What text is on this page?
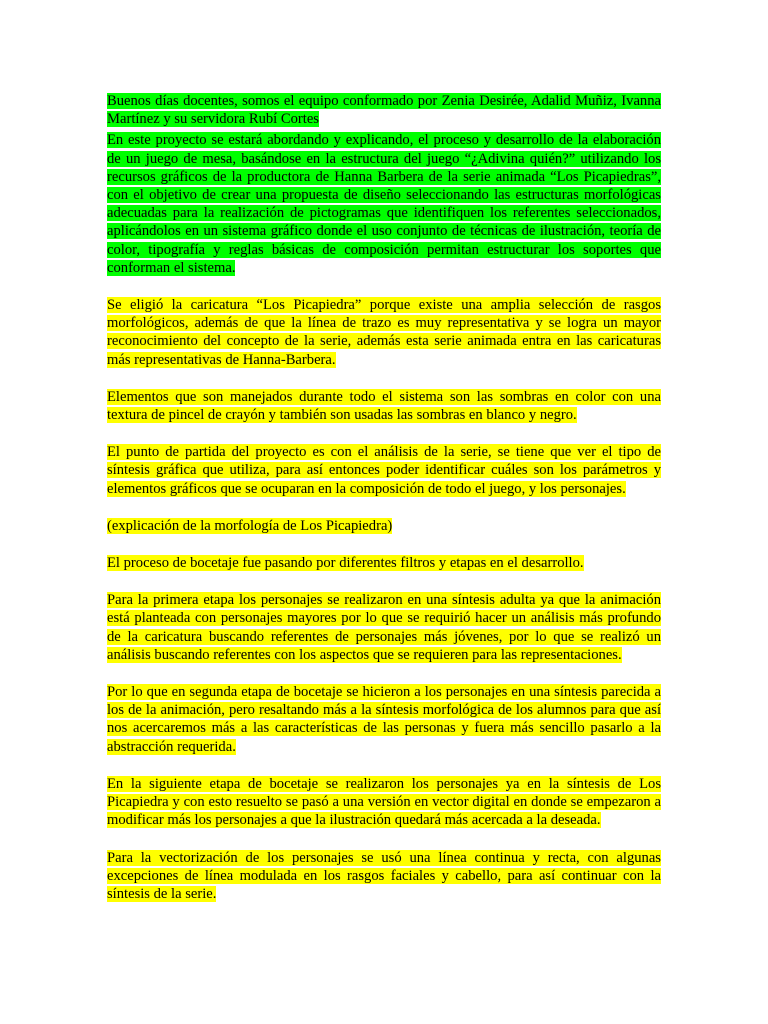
Buenos días docentes, somos el equipo conformado por Zenia Desirée, Adalid Muñiz, Ivanna Martínez y su servidora Rubí Cortes

En este proyecto se estará abordando y explicando, el proceso y desarrollo de la elaboración de un juego de mesa, basándose en la estructura del juego “¿Adivina quién?” utilizando los recursos gráficos de la productora de Hanna Barbera de la serie animada “Los Picapiedras”, con el objetivo de crear una propuesta de diseño seleccionando las estructuras morfológicas adecuadas para la realización de pictogramas que identifiquen los referentes seleccionados, aplicándolos en un sistema gráfico donde el uso conjunto de técnicas de ilustración, teoría de color, tipografía y reglas básicas de composición permitan estructurar los soportes que conforman el sistema.

Se eligió la caricatura “Los Picapiedra” porque existe una amplia selección de rasgos morfológicos, además de que la línea de trazo es muy representativa y se logra un mayor reconocimiento del concepto de la serie, además esta serie animada entra en las caricaturas más representativas de Hanna-Barbera.

Elementos que son manejados durante todo el sistema son las sombras en color con una textura de pincel de crayón y también son usadas las sombras en blanco y negro.

El punto de partida del proyecto es con el análisis de la serie, se tiene que ver el tipo de síntesis gráfica que utiliza, para así entonces poder identificar cuáles son los parámetros y elementos gráficos que se ocuparan en la composición de todo el juego, y los personajes.

(explicación de la morfología de Los Picapiedra)

El proceso de bocetaje fue pasando por diferentes filtros y etapas en el desarrollo.

Para la primera etapa los personajes se realizaron en una síntesis adulta ya que la animación está planteada con personajes mayores por lo que se requirió hacer un análisis más profundo de la caricatura buscando referentes de personajes más jóvenes, por lo que se realizó un análisis buscando referentes con los aspectos que se requieren para las representaciones.

Por lo que en segunda etapa de bocetaje se hicieron a los personajes en una síntesis parecida a los de la animación, pero resaltando más a la síntesis morfológica de los alumnos para que así nos acercaremos más a las características de las personas y fuera más sencillo pasarlo a la abstracción requerida.

En la siguiente etapa de bocetaje se realizaron los personajes ya en la síntesis de Los Picapiedra y con esto resuelto se pasó a una versión en vector digital en donde se empezaron a modificar más los personajes a que la ilustración quedará más acercada a la deseada.

Para la vectorización de los personajes se usó una línea continua y recta, con algunas excepciones de línea modulada en los rasgos faciales y cabello, para así continuar con la síntesis de la serie.
